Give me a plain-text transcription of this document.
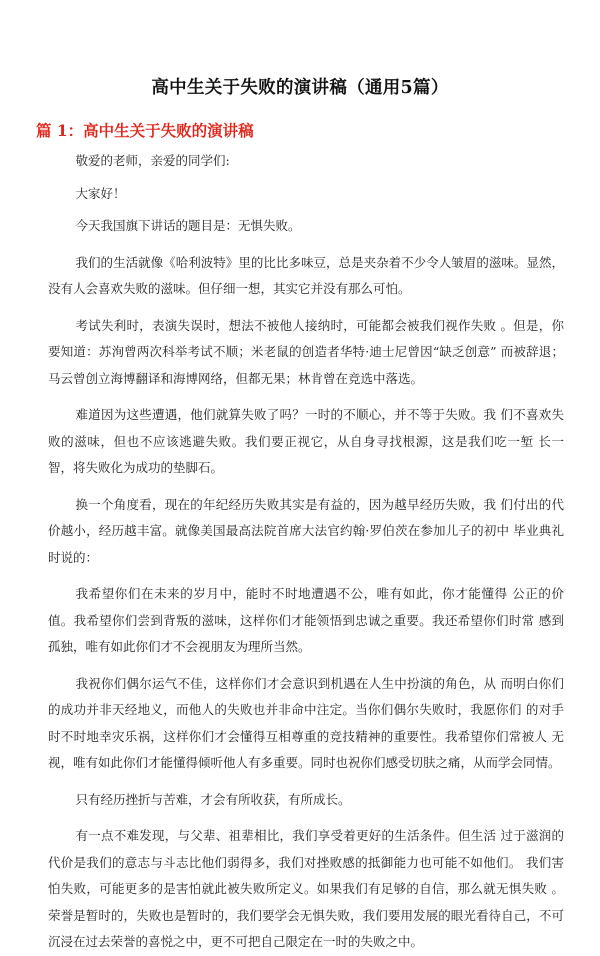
高中生关于失败的演讲稿（通用5篇）
篇 1：高中生关于失败的演讲稿

敬爱的老师，亲爱的同学们:

大家好！

今天我国旗下讲话的题目是：无惧失败。

我们的生活就像《哈利波特》里的比比多味豆，总是夹杂着不少令人皱眉的滋味。显然，没有人会喜欢失败的滋味。但仔细一想，其实它并没有那么可怕。

考试失利时，表演失误时，想法不被他人接纳时，可能都会被我们视作失败 。但是，你要知道：苏洵曾两次科举考试不顺；米老鼠的创造者华特·迪士尼曾因“缺乏创意” 而被辞退；马云曾创立海博翻译和海博网络，但都无果；林肯曾在竞选中落选。

难道因为这些遭遇，他们就算失败了吗？一时的不顺心，并不等于失败。我 们不喜欢失败的滋味，但也不应该逃避失败。我们要正视它，从自身寻找根源，这是我们吃一堑 长一智，将失败化为成功的垫脚石。

换一个角度看，现在的年纪经历失败其实是有益的，因为越早经历失败，我 们付出的代价越小，经历越丰富。就像美国最高法院首席大法官约翰·罗伯茨在参加儿子的初中 毕业典礼时说的：

我希望你们在未来的岁月中，能时不时地遭遇不公，唯有如此，你才能懂得 公正的价值。我希望你们尝到背叛的滋味，这样你们才能领悟到忠诚之重要。我还希望你们时常 感到孤独，唯有如此你们才不会视朋友为理所当然。

我祝你们偶尔运气不佳，这样你们才会意识到机遇在人生中扮演的角色，从 而明白你们的成功并非天经地义，而他人的失败也并非命中注定。当你们偶尔失败时，我愿你们 的对手时不时地幸灾乐祸，这样你们才会懂得互相尊重的竞技精神的重要性。我希望你们常被人 无视，唯有如此你们才能懂得倾听他人有多重要。同时也祝你们感受切肤之痛，从而学会同情。

只有经历挫折与苦难，才会有所收获，有所成长。

有一点不难发现，与父辈、祖辈相比，我们享受着更好的生活条件。但生活 过于滋润的代价是我们的意志与斗志比他们弱得多，我们对挫败感的抵御能力也可能不如他们。 我们害怕失败，可能更多的是害怕就此被失败所定义。如果我们有足够的自信，那么就无惧失败 。荣誉是暂时的，失败也是暂时的，我们要学会无惧失败，我们要用发展的眼光看待自己，不可 沉浸在过去荣誉的喜悦之中，更不可把自己限定在一时的失败之中。
